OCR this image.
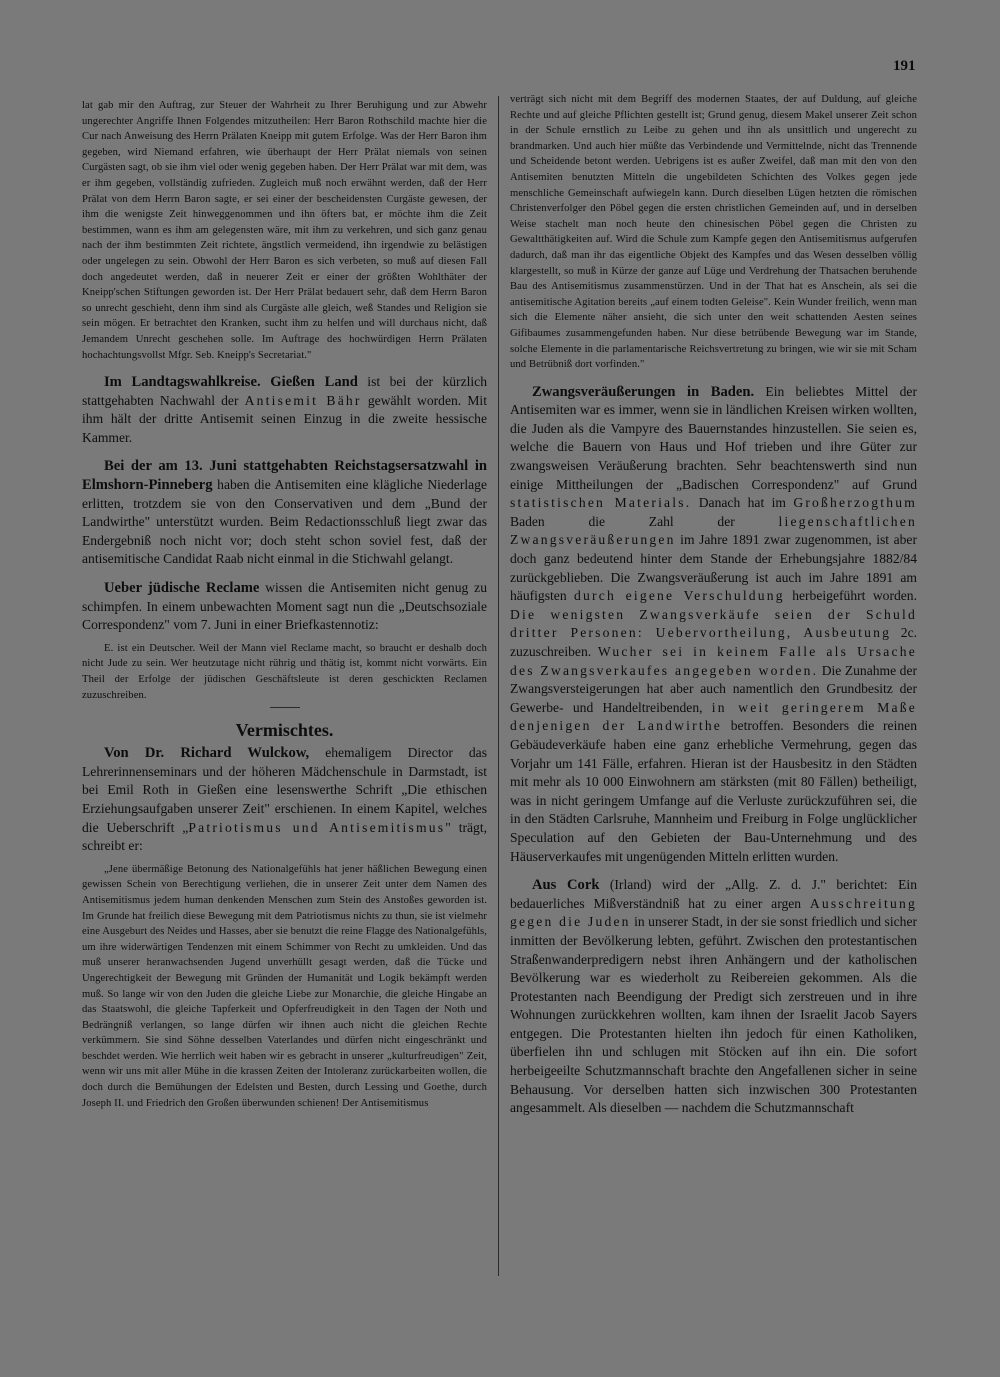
191

lat gab mir den Auftrag, zur Steuer der Wahrheit zu Ihrer Beruhigung und zur Abwehr ungerechter Angriffe Ihnen Folgendes mitzutheilen: Herr Baron Rothschild machte hier die Cur nach Anweisung des Herrn Prälaten Kneipp mit gutem Erfolge. Was der Herr Baron ihm gegeben, wird Niemand erfahren, wie überhaupt der Herr Prälat niemals von seinen Curgästen sagt, ob sie ihm viel oder wenig gegeben haben. Der Herr Prälat war mit dem, was er ihm gegeben, vollständig zufrieden. Zugleich muß noch erwähnt werden, daß der Herr Prälat von dem Herrn Baron sagte, er sei einer der bescheidensten Curgäste gewesen, der ihm die wenigste Zeit hinweggenommen und ihn öfters bat, er möchte ihm die Zeit bestimmen, wann es ihm am gelegensten wäre, mit ihm zu verkehren, und sich ganz genau nach der ihm bestimmten Zeit richtete, ängstlich vermeidend, ihn irgendwie zu belästigen oder ungelegen zu sein. Obwohl der Herr Baron es sich verbeten, so muß auf diesen Fall doch angedeutet werden, daß in neuerer Zeit er einer der größten Wohlthäter der Kneipp'schen Stiftungen geworden ist. Der Herr Prälat bedauert sehr, daß dem Herrn Baron so unrecht geschieht, denn ihm sind als Curgäste alle gleich, weß Standes und Religion sie sein mögen. Er betrachtet den Kranken, sucht ihm zu helfen und will durchaus nicht, daß Jemandem Unrecht geschehen solle. Im Auftrage des hochwürdigen Herrn Prälaten hochachtungsvollst Mfgr. Seb. Kneipp's Secretariat."

Im Landtagswahlkreise. Gießen Land ist bei der kürzlich stattgehabten Nachwahl der Antisemit Bähr gewählt worden. Mit ihm hält der dritte Antisemit seinen Einzug in die zweite hessische Kammer.

Bei der am 13. Juni stattgehabten Reichstagsersatzwahl in Elmshorn-Pinneberg haben die Antisemiten eine klägliche Niederlage erlitten, trotzdem sie von den Conservativen und dem „Bund der Landwirthe" unterstützt wurden. Beim Redactionsschluß liegt zwar das Endergebniß noch nicht vor; doch steht schon soviel fest, daß der antisemitische Candidat Raab nicht einmal in die Stichwahl gelangt.

Ueber jüdische Reclame wissen die Antisemiten nicht genug zu schimpfen. In einem unbewachten Moment sagt nun die „Deutschsoziale Correspondenz" vom 7. Juni in einer Briefkastennotiz:

E. ist ein Deutscher. Weil der Mann viel Reclame macht, so braucht er deshalb doch nicht Jude zu sein. Wer heutzutage nicht rührig und thätig ist, kommt nicht vorwärts. Ein Theil der Erfolge der jüdischen Geschäftsleute ist deren geschickten Reclamen zuzuschreiben.

Vermischtes.

Von Dr. Richard Wulckow, ehemaligem Director das Lehrerinnenseminars und der höheren Mädchenschule in Darmstadt, ist bei Emil Roth in Gießen eine lesenswerthe Schrift „Die ethischen Erziehungsaufgaben unserer Zeit" erschienen. In einem Kapitel, welches die Ueberschrift „Patriotismus und Antisemitismus" trägt, schreibt er:

„Jene übermäßige Betonung des Nationalgefühls hat jener häßlichen Bewegung einen gewissen Schein von Berechtigung verliehen, die in unserer Zeit unter dem Namen des Antisemitismus jedem human denkenden Menschen zum Stein des Anstoßes geworden ist. Im Grunde hat freilich diese Bewegung mit dem Patriotismus nichts zu thun, sie ist vielmehr eine Ausgeburt des Neides und Hasses, aber sie benutzt die reine Flagge des Nationalgefühls, um ihre widerwärtigen Tendenzen mit einem Schimmer von Recht zu umkleiden. Und das muß unserer heranwachsenden Jugend unverhüllt gesagt werden, daß die Tücke und Ungerechtigkeit der Bewegung mit Gründen der Humanität und Logik bekämpft werden muß. So lange wir von den Juden die gleiche Liebe zur Monarchie, die gleiche Hingabe an das Staatswohl, die gleiche Tapferkeit und Opferfreudigkeit in den Tagen der Noth und Bedrängniß verlangen, so lange dürfen wir ihnen auch nicht die gleichen Rechte verkümmern. Sie sind Söhne desselben Vaterlandes und dürfen nicht eingeschränkt und beschdet werden. Wie herrlich weit haben wir es gebracht in unserer „kulturfreudigen" Zeit, wenn wir uns mit aller Mühe in die krassen Zeiten der Intoleranz zurückarbeiten wollen, die doch durch die Bemühungen der Edelsten und Besten, durch Lessing und Goethe, durch Joseph II. und Friedrich den Großen überwunden schienen! Der Antisemitismus

verträgt sich nicht mit dem Begriff des modernen Staates, der auf Duldung, auf gleiche Rechte und auf gleiche Pflichten gestellt ist; Grund genug, diesem Makel unserer Zeit schon in der Schule ernstlich zu Leibe zu gehen und ihn als unsittlich und ungerecht zu brandmarken. Und auch hier müßte das Verbindende und Vermittelnde, nicht das Trennende und Scheidende betont werden. Uebrigens ist es außer Zweifel, daß man mit den von den Antisemiten benutzten Mitteln die ungebildeten Schichten des Volkes gegen jede menschliche Gemeinschaft aufwiegeln kann. Durch dieselben Lügen hetzten die römischen Christenverfolger den Pöbel gegen die ersten christlichen Gemeinden auf, und in derselben Weise stachelt man noch heute den chinesischen Pöbel gegen die Christen zu Gewaltthätigkeiten auf. Wird die Schule zum Kampfe gegen den Antisemitismus aufgerufen dadurch, daß man ihr das eigentliche Objekt des Kampfes und das Wesen desselben völlig klargestellt, so muß in Kürze der ganze auf Lüge und Verdrehung der Thatsachen beruhende Bau des Antisemitismus zusammenstürzen. Und in der That hat es Anschein, als sei die antisemitische Agitation bereits „auf einem todten Geleise". Kein Wunder freilich, wenn man sich die Elemente näher ansieht, die sich unter den weit schattenden Aesten seines Gifibaumes zusammengefunden haben. Nur diese betrübende Bewegung war im Stande, solche Elemente in die parlamentarische Reichsvertretung zu bringen, wie wir sie mit Scham und Betrübniß dort vorfinden."

Zwangsveräußerungen in Baden. Ein beliebtes Mittel der Antisemiten war es immer, wenn sie in ländlichen Kreisen wirken wollten, die Juden als die Vampyre des Bauernstandes hinzustellen. Sie seien es, welche die Bauern von Haus und Hof trieben und ihre Güter zur zwangsweisen Veräußerung brachten. Sehr beachtenswerth sind nun einige Mittheilungen der „Badischen Correspondenz" auf Grund statistischen Materials. Danach hat im Großherzogthum Baden die Zahl der liegenschaftlichen Zwangsveräußerungen im Jahre 1891 zwar zugenommen, ist aber doch ganz bedeutend hinter dem Stande der Erhebungsjahre 1882/84 zurückgeblieben. Die Zwangsveräußerung ist auch im Jahre 1891 am häufigsten durch eigene Verschuldung herbeigeführt worden. Die wenigsten Zwangsverkäufe seien der Schuld dritter Personen: Uebervortheilung, Ausbeutung 2c. zuzuschreiben. Wucher sei in keinem Falle als Ursache des Zwangsverkaufes angegeben worden. Die Zunahme der Zwangsversteigerungen hat aber auch namentlich den Grundbesitz der Gewerbe- und Handeltreibenden, in weit geringerem Maße denjenigen der Landwirthe betroffen. Besonders die reinen Gebäudeverkäufe haben eine ganz erhebliche Vermehrung, gegen das Vorjahr um 141 Fälle, erfahren. Hieran ist der Hausbesitz in den Städten mit mehr als 10 000 Einwohnern am stärksten (mit 80 Fällen) betheiligt, was in nicht geringem Umfange auf die Verluste zurückzuführen sei, die in den Städten Carlsruhe, Mannheim und Freiburg in Folge unglücklicher Speculation auf den Gebieten der Bau-Unternehmung und des Häuserverkaufes mit ungenügenden Mitteln erlitten wurden.

Aus Cork (Irland) wird der „Allg. Z. d. J." berichtet: Ein bedauerliches Mißverständniß hat zu einer argen Ausschreitung gegen die Juden in unserer Stadt, in der sie sonst friedlich und sicher inmitten der Bevölkerung lebten, geführt. Zwischen den protestantischen Straßenwanderpredigern nebst ihren Anhängern und der katholischen Bevölkerung war es wiederholt zu Reibereien gekommen. Als die Protestanten nach Beendigung der Predigt sich zerstreuen und in ihre Wohnungen zurückkehren wollten, kam ihnen der Israelit Jacob Sayers entgegen. Die Protestanten hielten ihn jedoch für einen Katholiken, überfielen ihn und schlugen mit Stöcken auf ihn ein. Die sofort herbeigeeilte Schutzmannschaft brachte den Angefallenen sicher in seine Behausung. Vor derselben hatten sich inzwischen 300 Protestanten angesammelt. Als dieselben — nachdem die Schutzmannschaft
